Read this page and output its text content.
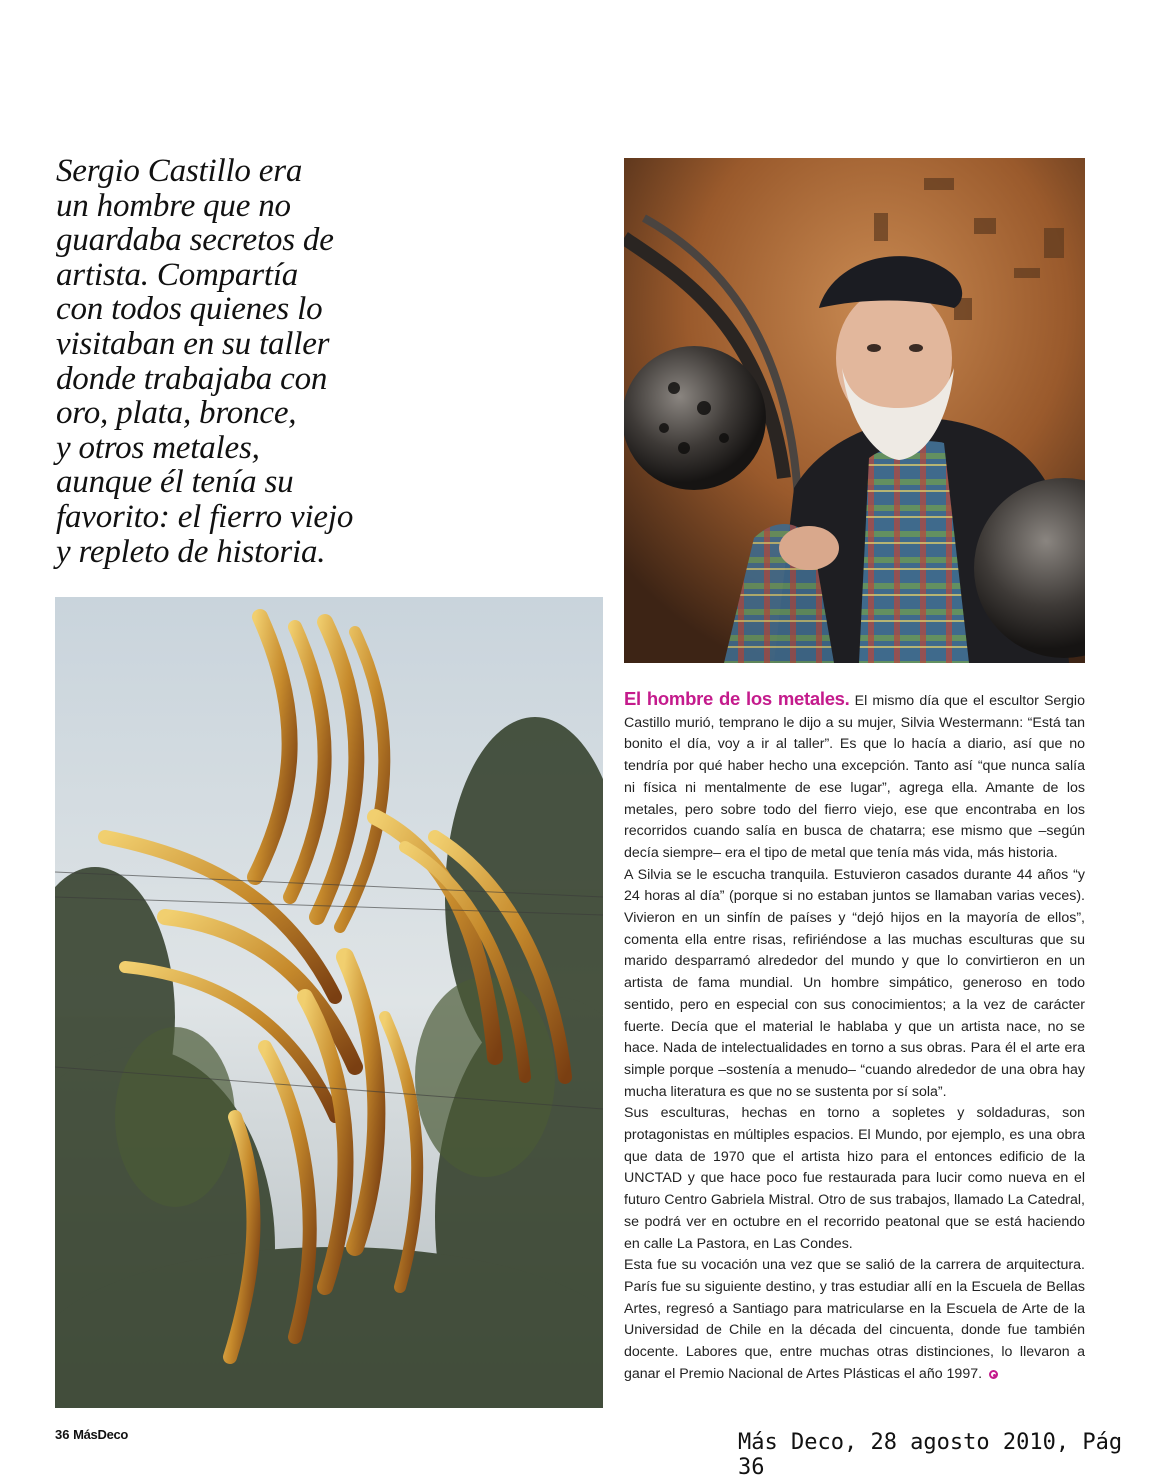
Sergio Castillo era
un hombre que no
guardaba secretos de
artista. Compartía
con todos quienes lo
visitaban en su taller
donde trabajaba con
oro, plata, bronce,
y otros metales,
aunque él tenía su
favorito: el fierro viejo
y repleto de historia.

El hombre de los metales. El mismo día que el escultor Sergio Castillo murió, temprano le dijo a su mujer, Silvia Westermann: “Está tan bonito el día, voy a ir al taller”. Es que lo hacía a diario, así que no tendría por qué haber hecho una excepción. Tanto así “que nunca salía ni física ni mentalmente de ese lugar”, agrega ella. Amante de los metales, pero sobre todo del fierro viejo, ese que encontraba en los recorridos cuando salía en busca de chatarra; ese mismo que –según decía siempre– era el tipo de metal que tenía más vida, más historia.

A Silvia se le escucha tranquila. Estuvieron casados durante 44 años “y 24 horas al día” (porque si no estaban juntos se llamaban varias veces). Vivieron en un sinfín de países y “dejó hijos en la mayoría de ellos”, comenta ella entre risas, refiriéndose a las muchas esculturas que su marido desparramó alrededor del mundo y que lo convirtieron en un artista de fama mundial. Un hombre simpático, generoso en todo sentido, pero en especial con sus conocimientos; a la vez de carácter fuerte. Decía que el material le hablaba y que un artista nace, no se hace. Nada de intelectualidades en torno a sus obras. Para él el arte era simple porque –sostenía a menudo– “cuando alrededor de una obra hay mucha literatura es que no se sustenta por sí sola”.

Sus esculturas, hechas en torno a sopletes y soldaduras, son protagonistas en múltiples espacios. El Mundo, por ejemplo, es una obra que data de 1970 que el artista hizo para el entonces edificio de la UNCTAD y que hace poco fue restaurada para lucir como nueva en el futuro Centro Gabriela Mistral. Otro de sus trabajos, llamado La Catedral, se podrá ver en octubre en el recorrido peatonal que se está haciendo en calle La Pastora, en Las Condes.

Esta fue su vocación una vez que se salió de la carrera de arquitectura. París fue su siguiente destino, y tras estudiar allí en la Escuela de Bellas Artes, regresó a Santiago para matricularse en la Escuela de Arte de la Universidad de Chile en la década del cincuenta, donde fue también docente. Labores que, entre muchas otras distinciones, lo llevaron a ganar el Premio Nacional de Artes Plásticas el año 1997.

36 MásDeco	Más Deco, 28 agosto 2010, Pág 36
